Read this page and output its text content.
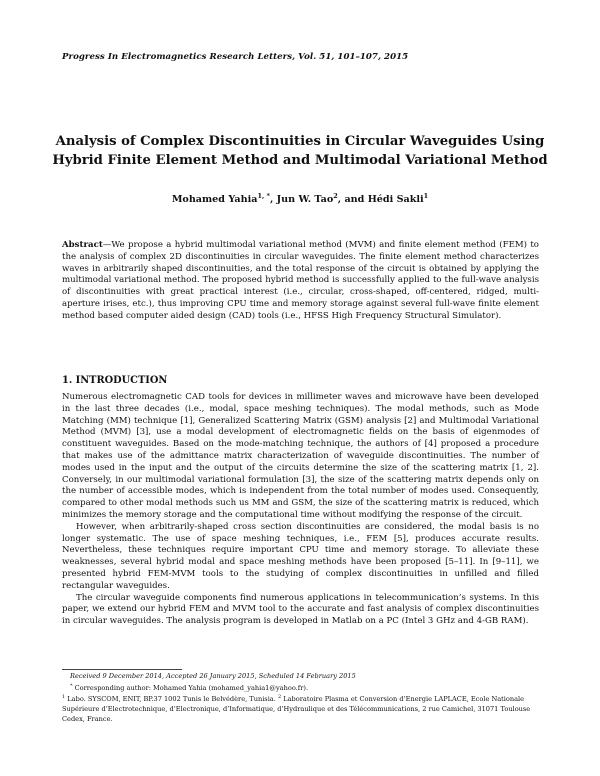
Progress In Electromagnetics Research Letters, Vol. 51, 101–107, 2015
Analysis of Complex Discontinuities in Circular Waveguides Using
Hybrid Finite Element Method and Multimodal Variational Method
Mohamed Yahia$^{1, *}$, Jun W. Tao$^2$, and Hédi Sakli$^1$
Abstract—We propose a hybrid multimodal variational method (MVM) and finite element method (FEM) to the analysis of complex 2D discontinuities in circular waveguides. The finite element method characterizes waves in arbitrarily shaped discontinuities, and the total response of the circuit is obtained by applying the multimodal variational method. The proposed hybrid method is successfully applied to the full-wave analysis of discontinuities with great practical interest (i.e., circular, cross-shaped, off-centered, ridged, multi-aperture irises, etc.), thus improving CPU time and memory storage against several full-wave finite element method based computer aided design (CAD) tools (i.e., HFSS High Frequency Structural Simulator).
1. INTRODUCTION

Numerous electromagnetic CAD tools for devices in millimeter waves and microwave have been developed in the last three decades (i.e., modal, space meshing techniques). The modal methods, such as Mode Matching (MM) technique [1], Generalized Scattering Matrix (GSM) analysis [2] and Multimodal Variational Method (MVM) [3], use a modal development of electromagnetic fields on the basis of eigenmodes of constituent waveguides. Based on the mode-matching technique, the authors of [4] proposed a procedure that makes use of the admittance matrix characterization of waveguide discontinuities. The number of modes used in the input and the output of the circuits determine the size of the scattering matrix [1, 2]. Conversely, in our multimodal variational formulation [3], the size of the scattering matrix depends only on the number of accessible modes, which is independent from the total number of modes used. Consequently, compared to other modal methods such us MM and GSM, the size of the scattering matrix is reduced, which minimizes the memory storage and the computational time without modifying the response of the circuit.

However, when arbitrarily-shaped cross section discontinuities are considered, the modal basis is no longer systematic. The use of space meshing techniques, i.e., FEM [5], produces accurate results. Nevertheless, these techniques require important CPU time and memory storage. To alleviate these weaknesses, several hybrid modal and space meshing methods have been proposed [5–11]. In [9–11], we presented hybrid FEM-MVM tools to the studying of complex discontinuities in unfilled and filled rectangular waveguides.

The circular waveguide components find numerous applications in telecommunication’s systems. In this paper, we extend our hybrid FEM and MVM tool to the accurate and fast analysis of complex discontinuities in circular waveguides. The analysis program is developed in Matlab on a PC (Intel 3 GHz and 4-GB RAM).

Received 9 December 2014, Accepted 26 January 2015, Scheduled 14 February 2015
* Corresponding author: Mohamed Yahia (mohamed_yahia1@yahoo.fr).
$^1$ Labo. SYSCOM, ENIT, BP.37 1002 Tunis le Belvédère, Tunisia. $^2$ Laboratoire Plasma et Conversion d’Energie LAPLACE, Ecole Nationale Supérieure d’Electrotechnique, d’Electronique, d’Informatique, d’Hydraulique et des Télécommunications, 2 rue Camichel, 31071 Toulouse Cedex, France.
